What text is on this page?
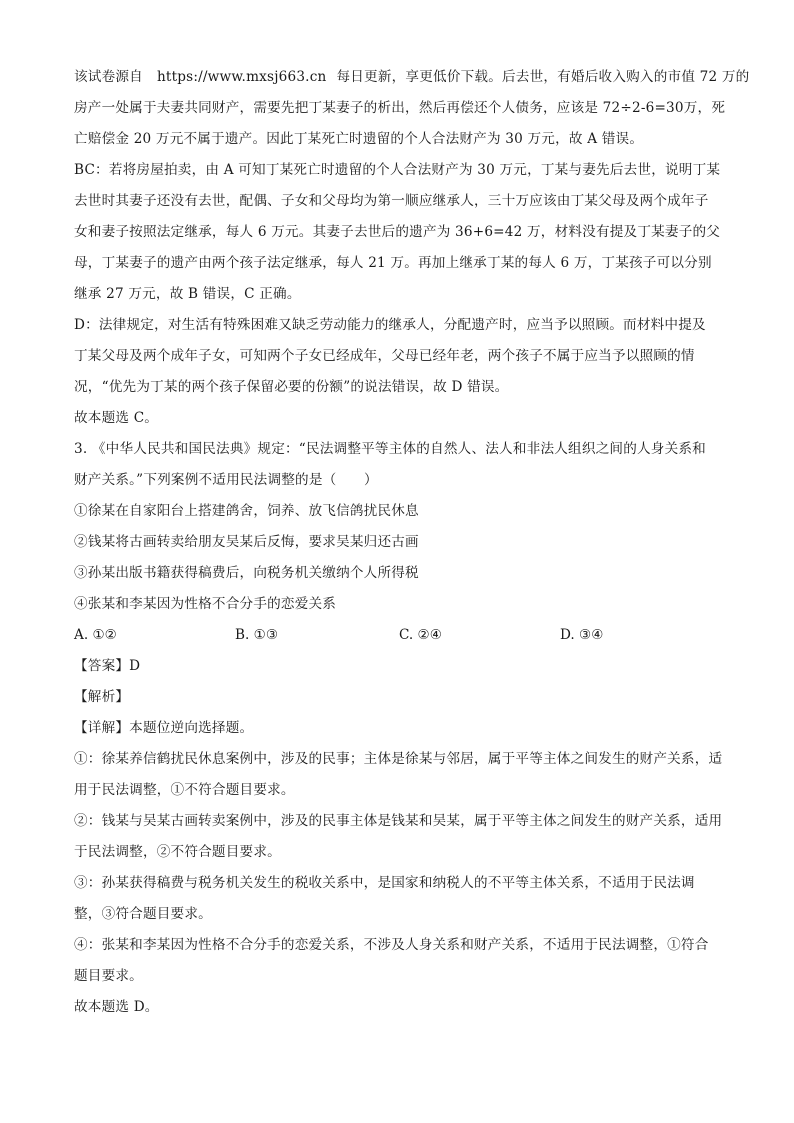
该试卷源自 https://www.mxsj663.cn 每日更新，享更低价下载。后去世，有婚后收入购入的市值 72 万的
房产一处属于夫妻共同财产，需要先把丁某妻子的析出，然后再偿还个人债务，应该是 72÷2-6=30万，死
亡赔偿金 20 万元不属于遗产。因此丁某死亡时遗留的个人合法财产为 30 万元，故 A 错误。
BC：若将房屋拍卖，由 A 可知丁某死亡时遗留的个人合法财产为 30 万元，丁某与妻先后去世，说明丁某
去世时其妻子还没有去世，配偶、子女和父母均为第一顺应继承人，三十万应该由丁某父母及两个成年子
女和妻子按照法定继承，每人 6 万元。其妻子去世后的遗产为 36+6=42 万，材料没有提及丁某妻子的父
母，丁某妻子的遗产由两个孩子法定继承，每人 21 万。再加上继承丁某的每人 6 万，丁某孩子可以分别
继承 27 万元，故 B 错误，C 正确。
D：法律规定，对生活有特殊困难又缺乏劳动能力的继承人，分配遗产时，应当予以照顾。而材料中提及
丁某父母及两个成年子女，可知两个子女已经成年，父母已经年老，两个孩子不属于应当予以照顾的情
况，“优先为丁某的两个孩子保留必要的份额”的说法错误，故 D 错误。
故本题选 C。
3. 《中华人民共和国民法典》规定：“民法调整平等主体的自然人、法人和非法人组织之间的人身关系和
财产关系。”下列案例不适用民法调整的是（　　）
①徐某在自家阳台上搭建鸽舍，饲养、放飞信鸽扰民休息
②钱某将古画转卖给朋友吴某后反悔，要求吴某归还古画
③孙某出版书籍获得稿费后，向税务机关缴纳个人所得税
④张某和李某因为性格不合分手的恋爱关系
A. ①②	B. ①③	C. ②④	D. ③④
【答案】D
【解析】
【详解】本题位逆向选择题。
①：徐某养信鹤扰民休息案例中，涉及的民事；主体是徐某与邻居，属于平等主体之间发生的财产关系，适
用于民法调整，①不符合题目要求。
②：钱某与吴某古画转卖案例中，涉及的民事主体是钱某和吴某，属于平等主体之间发生的财产关系，适用
于民法调整，②不符合题目要求。
③：孙某获得稿费与税务机关发生的税收关系中，是国家和纳税人的不平等主体关系，不适用于民法调
整，③符合题目要求。
④：张某和李某因为性格不合分手的恋爱关系，不涉及人身关系和财产关系，不适用于民法调整，①符合
题目要求。
故本题选 D。
